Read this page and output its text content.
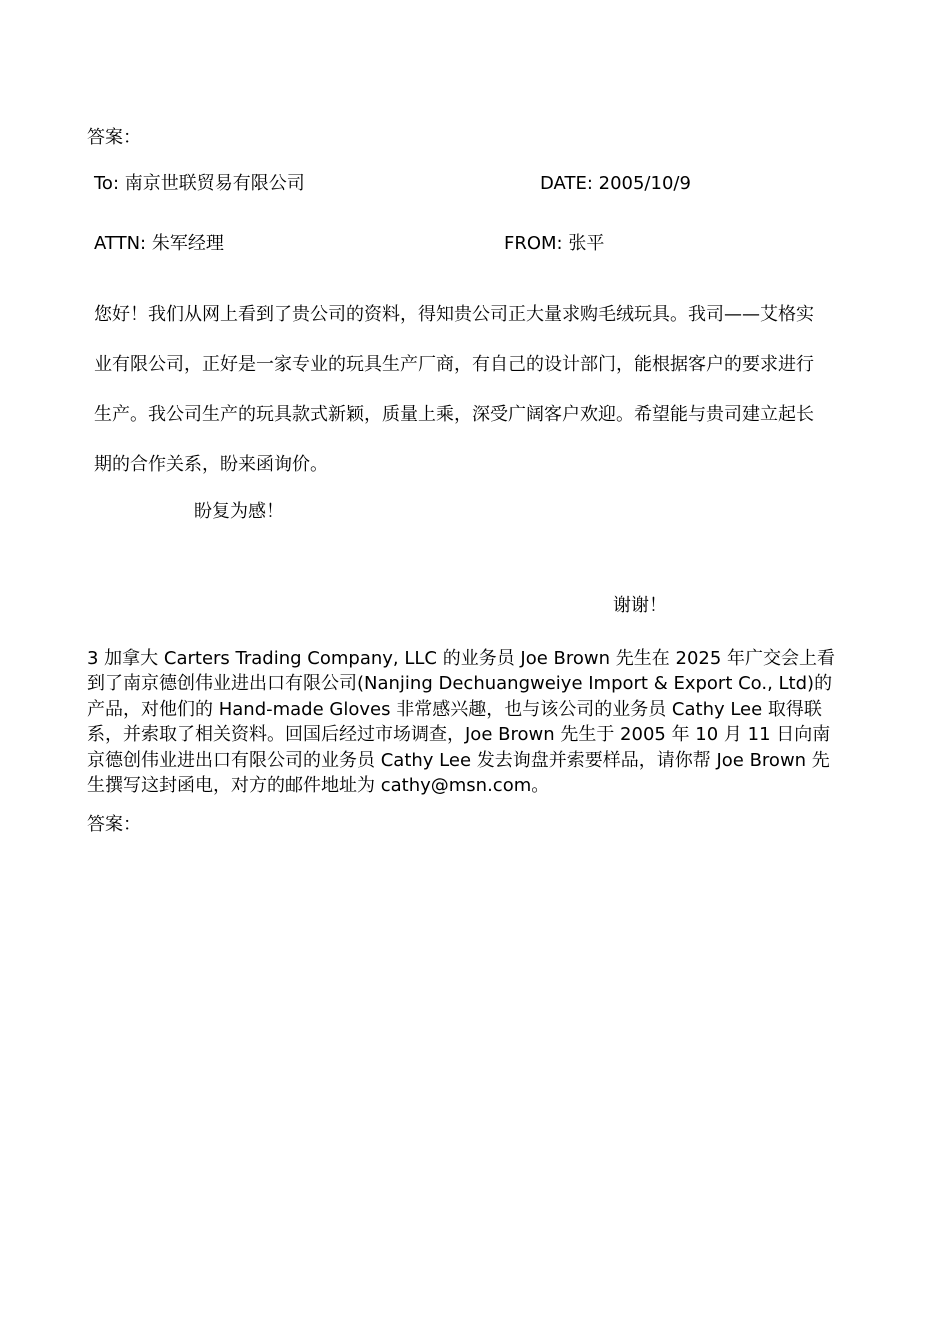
答案：

To: 南京世联贸易有限公司	DATE: 2005/10/9

ATTN: 朱军经理	FROM: 张平

您好！我们从网上看到了贵公司的资料，得知贵公司正大量求购毛绒玩具。我司——艾格实
业有限公司，正好是一家专业的玩具生产厂商，有自己的设计部门，能根据客户的要求进行
生产。我公司生产的玩具款式新颖，质量上乘，深受广阔客户欢迎。希望能与贵司建立起长
期的合作关系，盼来函询价。

盼复为感！

谢谢！

3 加拿大 Carters Trading Company, LLC 的业务员 Joe Brown 先生在 2025 年广交会上看
到了南京德创伟业进出口有限公司(Nanjing Dechuangweiye Import & Export Co., Ltd)的
产品，对他们的 Hand-made Gloves 非常感兴趣，也与该公司的业务员 Cathy Lee 取得联
系，并索取了相关资料。回国后经过市场调查，Joe Brown 先生于 2005 年 10 月 11 日向南
京德创伟业进出口有限公司的业务员 Cathy Lee 发去询盘并索要样品，请你帮 Joe Brown 先
生撰写这封函电，对方的邮件地址为 cathy@msn.com。

答案：
